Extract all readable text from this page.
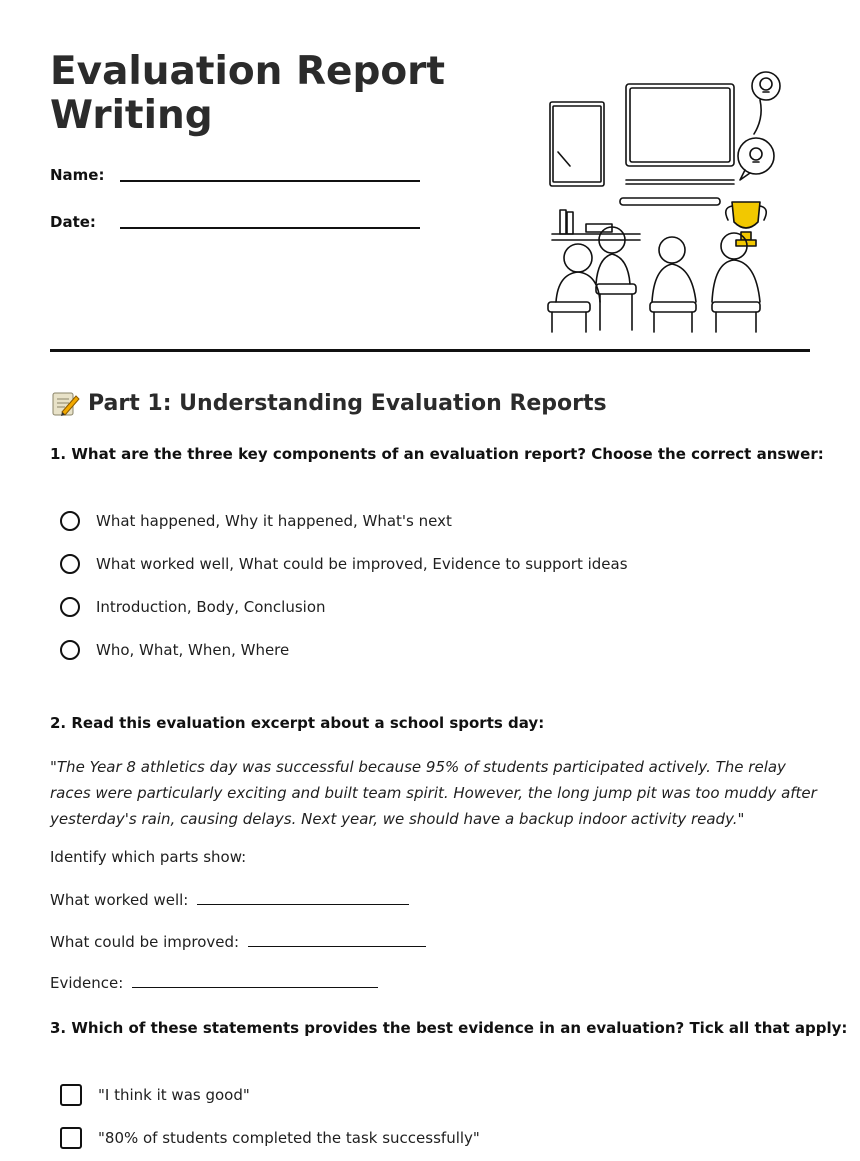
Evaluation Report Writing
Name:
Date:
Part 1: Understanding Evaluation Reports
1. What are the three key components of an evaluation report? Choose the correct answer:
What happened, Why it happened, What's next
What worked well, What could be improved, Evidence to support ideas
Introduction, Body, Conclusion
Who, What, When, Where
2. Read this evaluation excerpt about a school sports day:

"The Year 8 athletics day was successful because 95% of students participated actively. The relay races were particularly exciting and built team spirit. However, the long jump pit was too muddy after yesterday's rain, causing delays. Next year, we should have a backup indoor activity ready."

Identify which parts show:
What worked well:
What could be improved:
Evidence:
3. Which of these statements provides the best evidence in an evaluation? Tick all that apply:
"I think it was good"
"80% of students completed the task successfully"
